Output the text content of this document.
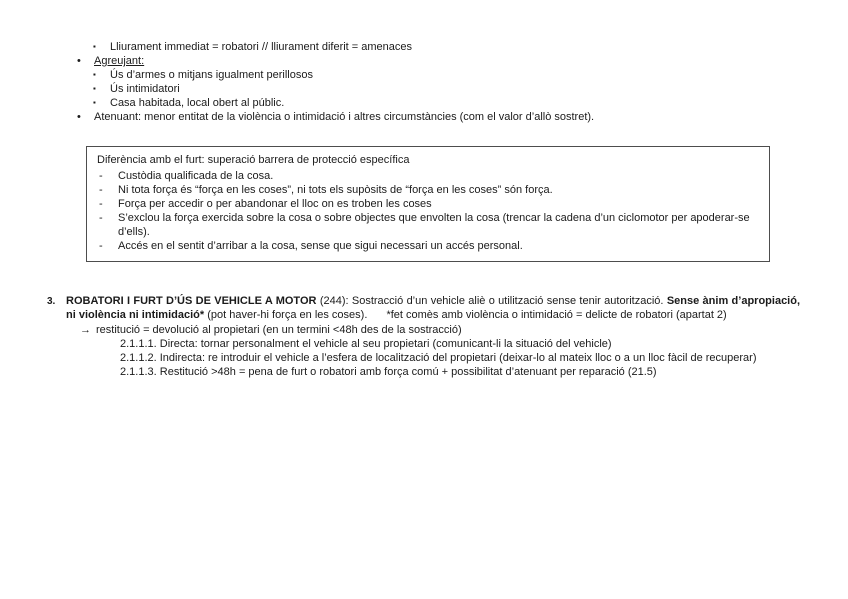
▪	Lliurament immediat = robatori // lliurament diferit = amenaces
•	Agreujant:
▪	Ús d’armes o mitjans igualment perillosos
▪	Ús intimidatori
▪	Casa habitada, local obert al públic.
•	Atenuant: menor entitat de la violència o intimidació i altres circumstàncies (com el valor d’allò sostret).
Diferència amb el furt: superació barrera de protecció específica
-	Custòdia qualificada de la cosa.
-	Ni tota força és “força en les coses”, ni tots els supòsits de “força en les coses” són força.
-	Força per accedir o per abandonar el lloc on es troben les coses
-	S’exclou la força exercida sobre la cosa o sobre objectes que envolten la cosa (trencar la cadena d’un ciclomotor per apoderar-se d’ells).
-	Accés en el sentit d’arribar a la cosa, sense que sigui necessari un accés personal.
3. ROBATORI I FURT D’ÚS DE VEHICLE A MOTOR (244): Sostracció d’un vehicle aliè o utilització sense tenir autorització. Sense ànim d’apropiació, ni violència ni intimidació* (pot haver-hi força en les coses). *fet comès amb violència o intimidació = delicte de robatori (apartat 2)

→ restitució = devolució al propietari (en un termini <48h des de la sostracció)
2.1.1.1. Directa: tornar personalment el vehicle al seu propietari (comunicant-li la situació del vehicle)
2.1.1.2. Indirecta: re introduir el vehicle a l’esfera de localització del propietari (deixar-lo al mateix lloc o a un lloc fàcil de recuperar)
2.1.1.3. Restitució >48h = pena de furt o robatori amb força comú + possibilitat d’atenuant per reparació (21.5)
